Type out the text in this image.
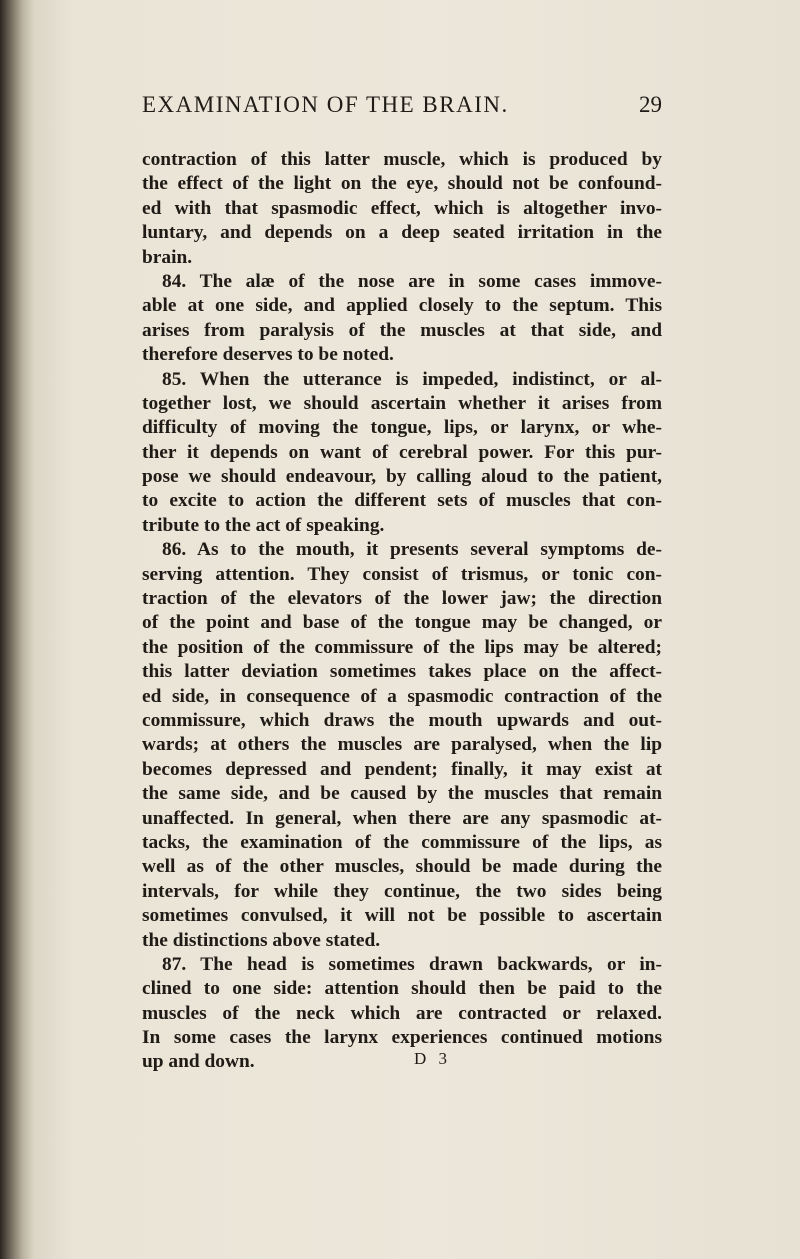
EXAMINATION OF THE BRAIN.	29
contraction of this latter muscle, which is produced by
the effect of the light on the eye, should not be confound-
ed with that spasmodic effect, which is altogether invo-
luntary, and depends on a deep seated irritation in the
brain.
84. The alæ of the nose are in some cases immove-
able at one side, and applied closely to the septum. This
arises from paralysis of the muscles at that side, and
therefore deserves to be noted.
85. When the utterance is impeded, indistinct, or al-
together lost, we should ascertain whether it arises from
difficulty of moving the tongue, lips, or larynx, or whe-
ther it depends on want of cerebral power. For this pur-
pose we should endeavour, by calling aloud to the patient,
to excite to action the different sets of muscles that con-
tribute to the act of speaking.
86. As to the mouth, it presents several symptoms de-
serving attention. They consist of trismus, or tonic con-
traction of the elevators of the lower jaw; the direction
of the point and base of the tongue may be changed, or
the position of the commissure of the lips may be altered;
this latter deviation sometimes takes place on the affect-
ed side, in consequence of a spasmodic contraction of the
commissure, which draws the mouth upwards and out-
wards; at others the muscles are paralysed, when the lip
becomes depressed and pendent; finally, it may exist at
the same side, and be caused by the muscles that remain
unaffected. In general, when there are any spasmodic at-
tacks, the examination of the commissure of the lips, as
well as of the other muscles, should be made during the
intervals, for while they continue, the two sides being
sometimes convulsed, it will not be possible to ascertain
the distinctions above stated.
87. The head is sometimes drawn backwards, or in-
clined to one side: attention should then be paid to the
muscles of the neck which are contracted or relaxed.
In some cases the larynx experiences continued motions
up and down.	D 3
